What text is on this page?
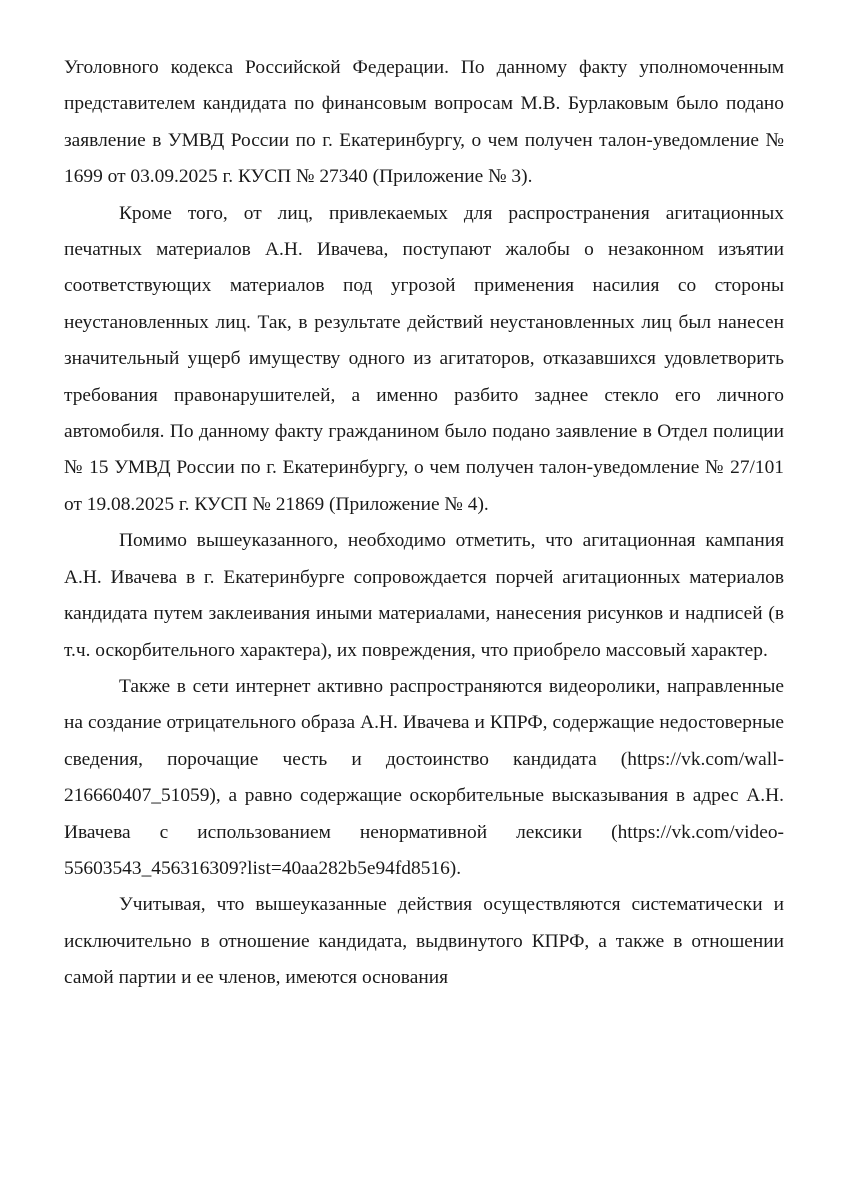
Уголовного кодекса Российской Федерации. По данному факту уполномоченным представителем кандидата по финансовым вопросам М.В. Бурлаковым было подано заявление в УМВД России по г. Екатеринбургу, о чем получен талон-уведомление № 1699 от 03.09.2025 г. КУСП № 27340 (Приложение № 3).

Кроме того, от лиц, привлекаемых для распространения агитационных печатных материалов А.Н. Ивачева, поступают жалобы о незаконном изъятии соответствующих материалов под угрозой применения насилия со стороны неустановленных лиц. Так, в результате действий неустановленных лиц был нанесен значительный ущерб имуществу одного из агитаторов, отказавшихся удовлетворить требования правонарушителей, а именно разбито заднее стекло его личного автомобиля. По данному факту гражданином было подано заявление в Отдел полиции № 15 УМВД России по г. Екатеринбургу, о чем получен талон-уведомление № 27/101 от 19.08.2025 г. КУСП № 21869 (Приложение № 4).

Помимо вышеуказанного, необходимо отметить, что агитационная кампания А.Н. Ивачева в г. Екатеринбурге сопровождается порчей агитационных материалов кандидата путем заклеивания иными материалами, нанесения рисунков и надписей (в т.ч. оскорбительного характера), их повреждения, что приобрело массовый характер.

Также в сети интернет активно распространяются видеоролики, направленные на создание отрицательного образа А.Н. Ивачева и КПРФ, содержащие недостоверные сведения, порочащие честь и достоинство кандидата (https://vk.com/wall-216660407_51059), а равно содержащие оскорбительные высказывания в адрес А.Н. Ивачева с использованием ненормативной лексики (https://vk.com/video-55603543_456316309?list=40aa282b5e94fd8516).

Учитывая, что вышеуказанные действия осуществляются систематически и исключительно в отношение кандидата, выдвинутого КПРФ, а также в отношении самой партии и ее членов, имеются основания
